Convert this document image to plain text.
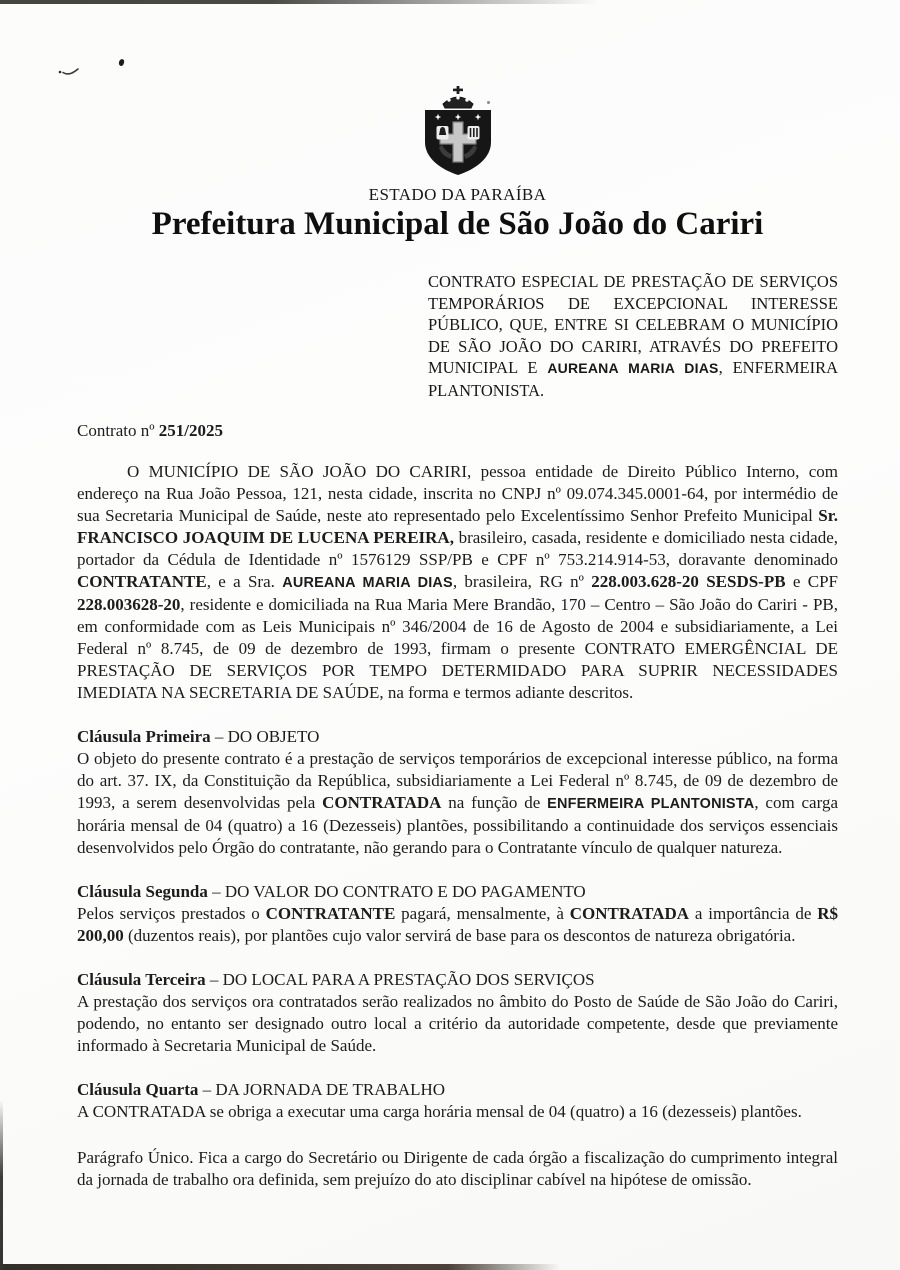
ESTADO DA PARAÍBA
Prefeitura Municipal de São João do Cariri
CONTRATO ESPECIAL DE PRESTAÇÃO DE SERVIÇOS TEMPORÁRIOS DE EXCEPCIONAL INTERESSE PÚBLICO, QUE, ENTRE SI CELEBRAM O MUNICÍPIO DE SÃO JOÃO DO CARIRI, ATRAVÉS DO PREFEITO MUNICIPAL E AUREANA MARIA DIAS, ENFERMEIRA PLANTONISTA.
Contrato nº 251/2025
O MUNICÍPIO DE SÃO JOÃO DO CARIRI, pessoa entidade de Direito Público Interno, com endereço na Rua João Pessoa, 121, nesta cidade, inscrita no CNPJ nº 09.074.345.0001-64, por intermédio de sua Secretaria Municipal de Saúde, neste ato representado pelo Excelentíssimo Senhor Prefeito Municipal Sr. FRANCISCO JOAQUIM DE LUCENA PEREIRA, brasileiro, casada, residente e domiciliado nesta cidade, portador da Cédula de Identidade nº 1576129 SSP/PB e CPF nº 753.214.914-53, doravante denominado CONTRATANTE, e a Sra. AUREANA MARIA DIAS, brasileira, RG nº 228.003.628-20 SESDS-PB e CPF 228.003628-20, residente e domiciliada na Rua Maria Mere Brandão, 170 – Centro – São João do Cariri - PB, em conformidade com as Leis Municipais nº 346/2004 de 16 de Agosto de 2004 e subsidiariamente, a Lei Federal nº 8.745, de 09 de dezembro de 1993, firmam o presente CONTRATO EMERGÊNCIAL DE PRESTAÇÃO DE SERVIÇOS POR TEMPO DETERMIDADO PARA SUPRIR NECESSIDADES IMEDIATA NA SECRETARIA DE SAÚDE, na forma e termos adiante descritos.
Cláusula Primeira – DO OBJETO
O objeto do presente contrato é a prestação de serviços temporários de excepcional interesse público, na forma do art. 37. IX, da Constituição da República, subsidiariamente a Lei Federal nº 8.745, de 09 de dezembro de 1993, a serem desenvolvidas pela CONTRATADA na função de ENFERMEIRA PLANTONISTA, com carga horária mensal de 04 (quatro) a 16 (Dezesseis) plantões, possibilitando a continuidade dos serviços essenciais desenvolvidos pelo Órgão do contratante, não gerando para o Contratante vínculo de qualquer natureza.
Cláusula Segunda – DO VALOR DO CONTRATO E DO PAGAMENTO
Pelos serviços prestados o CONTRATANTE pagará, mensalmente, à CONTRATADA a importância de R$ 200,00 (duzentos reais), por plantões cujo valor servirá de base para os descontos de natureza obrigatória.
Cláusula Terceira – DO LOCAL PARA A PRESTAÇÃO DOS SERVIÇOS
A prestação dos serviços ora contratados serão realizados no âmbito do Posto de Saúde de São João do Cariri, podendo, no entanto ser designado outro local a critério da autoridade competente, desde que previamente informado à Secretaria Municipal de Saúde.
Cláusula Quarta – DA JORNADA DE TRABALHO
A CONTRATADA se obriga a executar uma carga horária mensal de 04 (quatro) a 16 (dezesseis) plantões.
Parágrafo Único. Fica a cargo do Secretário ou Dirigente de cada órgão a fiscalização do cumprimento integral da jornada de trabalho ora definida, sem prejuízo do ato disciplinar cabível na hipótese de omissão.
